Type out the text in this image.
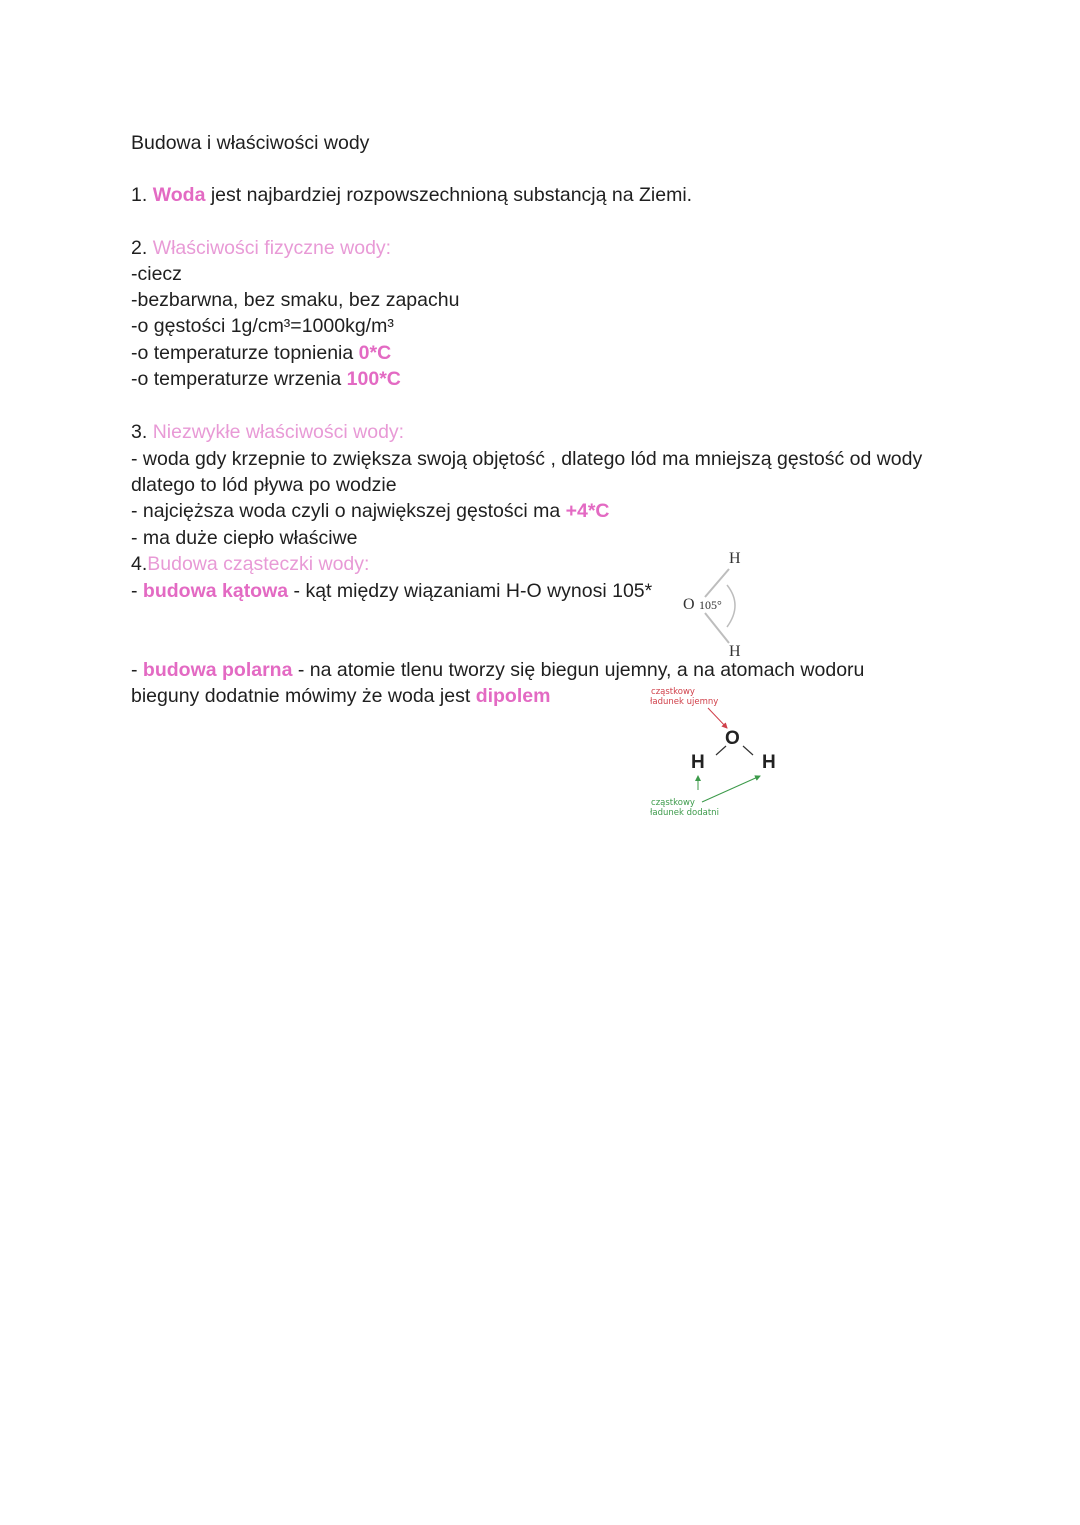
Budowa i właściwości wody
1. Woda jest najbardziej rozpowszechnioną substancją na Ziemi.
2. Właściwości fizyczne wody:
-ciecz
-bezbarwna, bez smaku, bez zapachu
-o gęstości 1g/cm³=1000kg/m³
-o temperaturze topnienia 0*C
-o temperaturze wrzenia 100*C
3. Niezwykłe właściwości wody:
- woda gdy krzepnie to zwiększa swoją objętość , dlatego lód ma mniejszą gęstość od wody
dlatego to lód pływa po wodzie
- najcięższa woda czyli o największej gęstości ma +4*C
- ma duże ciepło właściwe
4.Budowa cząsteczki wody:
- budowa kątowa - kąt między wiązaniami H-O wynosi 105*
H
O 105°
H
- budowa polarna - na atomie tlenu tworzy się biegun ujemny, a na atomach wodoru
bieguny dodatnie mówimy że woda jest dipolem	cząstkowy
ładunek ujemny
O
H	H
cząstkowy
ładunek dodatni
